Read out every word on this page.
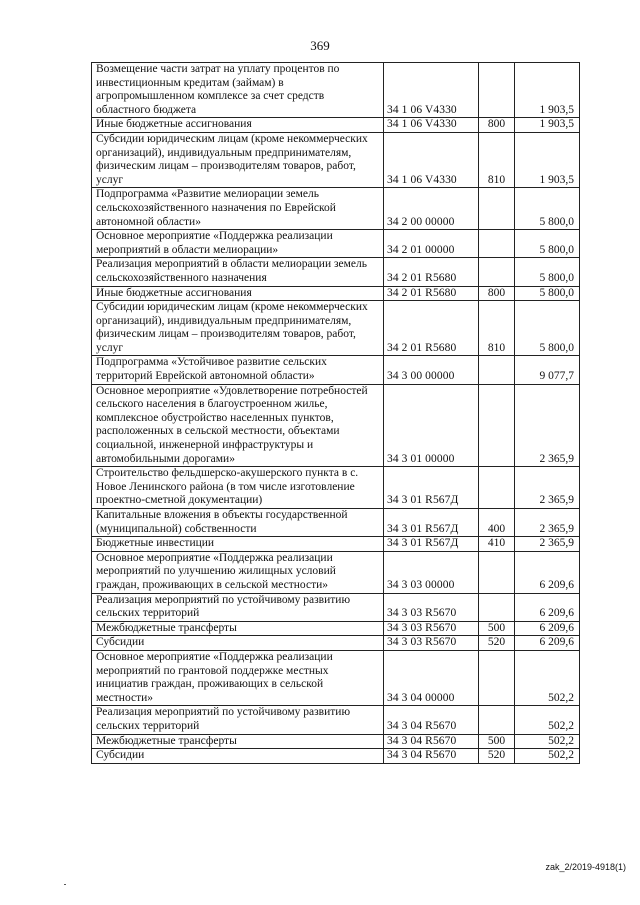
369
Возмещение части затрат на уплату процентов по инвестиционным кредитам (займам) в агропромышленном комплексе за счет средств областного бюджета	34 1 06 V4330		1 903,5
Иные бюджетные ассигнования	34 1 06 V4330	800	1 903,5
Субсидии юридическим лицам (кроме некоммерческих организаций), индивидуальным предпринимателям, физическим лицам – производителям товаров, работ, услуг	34 1 06 V4330	810	1 903,5
Подпрограмма «Развитие мелиорации земель сельскохозяйственного назначения по Еврейской автономной области»	34 2 00 00000		5 800,0
Основное мероприятие «Поддержка реализации мероприятий в области мелиорации»	34 2 01 00000		5 800,0
Реализация мероприятий в области мелиорации земель сельскохозяйственного назначения	34 2 01 R5680		5 800,0
Иные бюджетные ассигнования	34 2 01 R5680	800	5 800,0
Субсидии юридическим лицам (кроме некоммерческих организаций), индивидуальным предпринимателям, физическим лицам – производителям товаров, работ, услуг	34 2 01 R5680	810	5 800,0
Подпрограмма «Устойчивое развитие сельских территорий Еврейской автономной области»	34 3 00 00000		9 077,7
Основное мероприятие «Удовлетворение потребностей сельского населения в благоустроенном жилье, комплексное обустройство населенных пунктов, расположенных в сельской местности, объектами социальной, инженерной инфраструктуры и автомобильными дорогами»	34 3 01 00000		2 365,9
Строительство фельдшерско-акушерского пункта в с. Новое Ленинского района (в том числе изготовление проектно-сметной документации)	34 3 01 R567Д		2 365,9
Капитальные вложения в объекты государственной (муниципальной) собственности	34 3 01 R567Д	400	2 365,9
Бюджетные инвестиции	34 3 01 R567Д	410	2 365,9
Основное мероприятие «Поддержка реализации мероприятий по улучшению жилищных условий граждан, проживающих в сельской местности»	34 3 03 00000		6 209,6
Реализация мероприятий по устойчивому развитию сельских территорий	34 3 03 R5670		6 209,6
Межбюджетные трансферты	34 3 03 R5670	500	6 209,6
Субсидии	34 3 03 R5670	520	6 209,6
Основное мероприятие «Поддержка реализации мероприятий по грантовой поддержке местных инициатив граждан, проживающих в сельской местности»	34 3 04 00000		502,2
Реализация мероприятий по устойчивому развитию сельских территорий	34 3 04 R5670		502,2
Межбюджетные трансферты	34 3 04 R5670	500	502,2
Субсидии	34 3 04 R5670	520	502,2
zak_2/2019-4918(1)
